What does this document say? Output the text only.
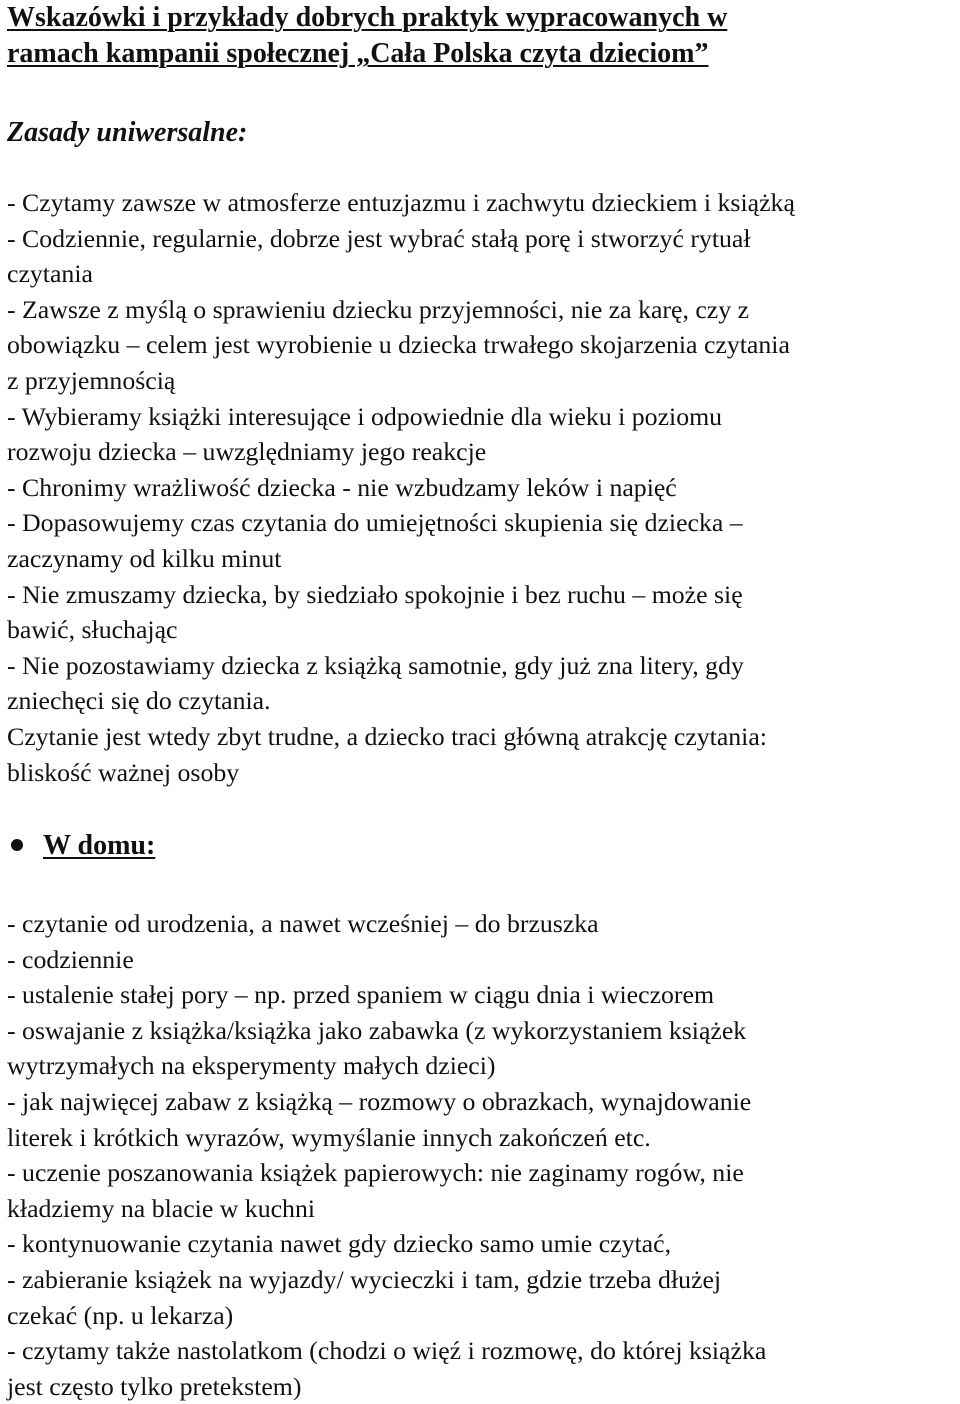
Wskazówki i przykłady dobrych praktyk wypracowanych w
ramach kampanii społecznej „Cała Polska czyta dzieciom”
Zasady uniwersalne:
- Czytamy zawsze w atmosferze entuzjazmu i zachwytu dzieckiem i książką
- Codziennie, regularnie, dobrze jest wybrać stałą porę i stworzyć rytuał
czytania
- Zawsze z myślą o sprawieniu dziecku przyjemności, nie za karę, czy z
obowiązku – celem jest wyrobienie u dziecka trwałego skojarzenia czytania
z przyjemnością
- Wybieramy książki interesujące i odpowiednie dla wieku i poziomu
rozwoju dziecka – uwzględniamy jego reakcje
- Chronimy wrażliwość dziecka - nie wzbudzamy leków i napięć
- Dopasowujemy czas czytania do umiejętności skupienia się dziecka –
zaczynamy od kilku minut
- Nie zmuszamy dziecka, by siedziało spokojnie i bez ruchu – może się
bawić, słuchając
- Nie pozostawiamy dziecka z książką samotnie, gdy już zna litery, gdy
zniechęci się do czytania.
Czytanie jest wtedy zbyt trudne, a dziecko traci główną atrakcję czytania:
bliskość ważnej osoby
W domu:
- czytanie od urodzenia, a nawet wcześniej – do brzuszka
- codziennie
- ustalenie stałej pory – np. przed spaniem w ciągu dnia i wieczorem
- oswajanie z książka/książka jako zabawka (z wykorzystaniem książek
wytrzymałych na eksperymenty małych dzieci)
- jak najwięcej zabaw z książką – rozmowy o obrazkach, wynajdowanie
literek i krótkich wyrazów, wymyślanie innych zakończeń etc.
- uczenie poszanowania książek papierowych: nie zaginamy rogów, nie
kładziemy na blacie w kuchni
- kontynuowanie czytania nawet gdy dziecko samo umie czytać,
- zabieranie książek na wyjazdy/ wycieczki i tam, gdzie trzeba dłużej
czekać (np. u lekarza)
- czytamy także nastolatkom (chodzi o więź i rozmowę, do której książka
jest często tylko pretekstem)
